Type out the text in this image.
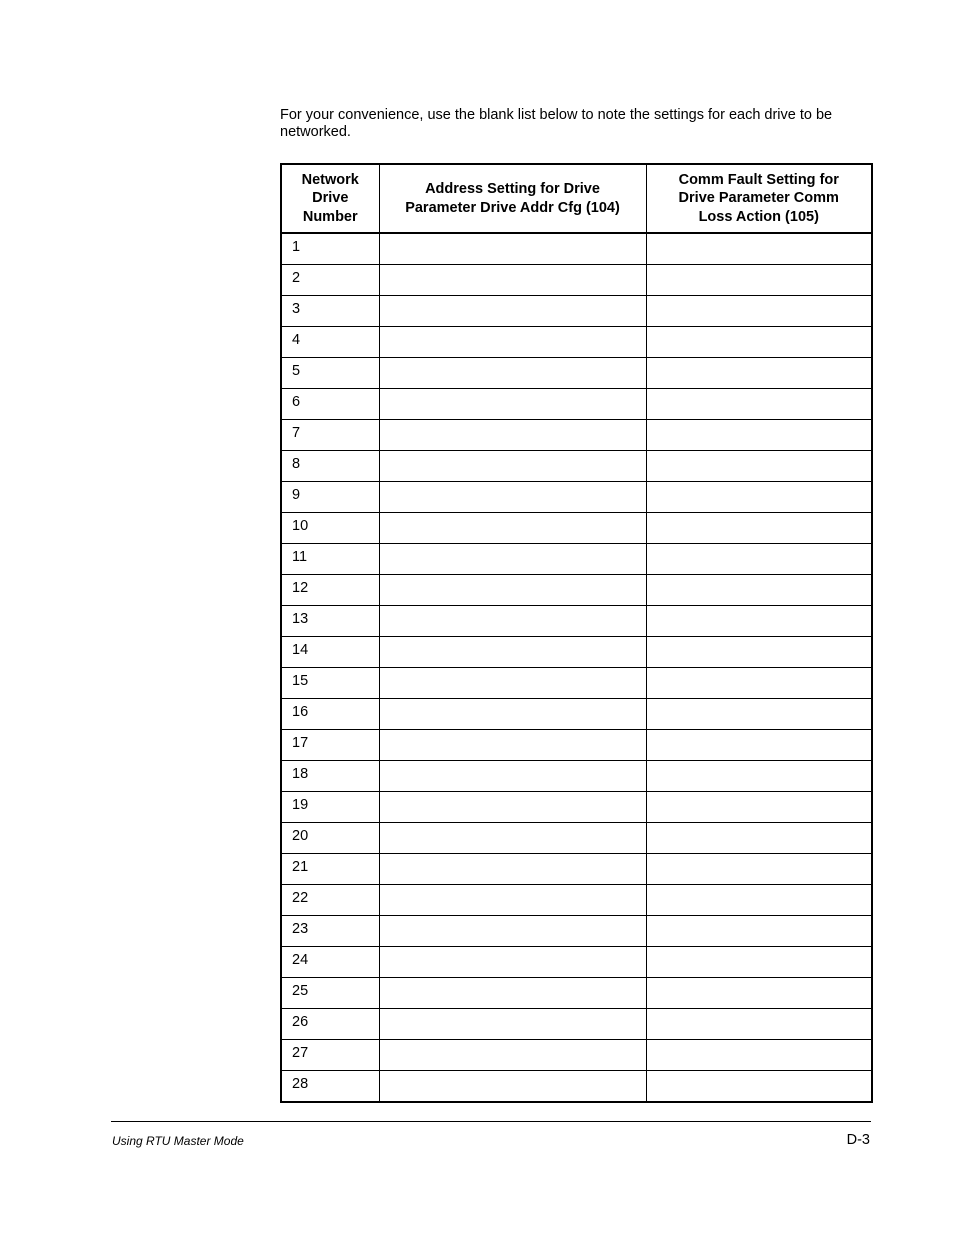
For your convenience, use the blank list below to note the settings for each drive to be networked.

Network Drive Number	Address Setting for Drive Parameter Drive Addr Cfg (104)	Comm Fault Setting for Drive Parameter Comm Loss Action (105)
1		
2		
3		
4		
5		
6		
7		
8		
9		
10		
11		
12		
13		
14		
15		
16		
17		
18		
19		
20		
21		
22		
23		
24		
25		
26		
27		
28		
Using RTU Master Mode	D-3
